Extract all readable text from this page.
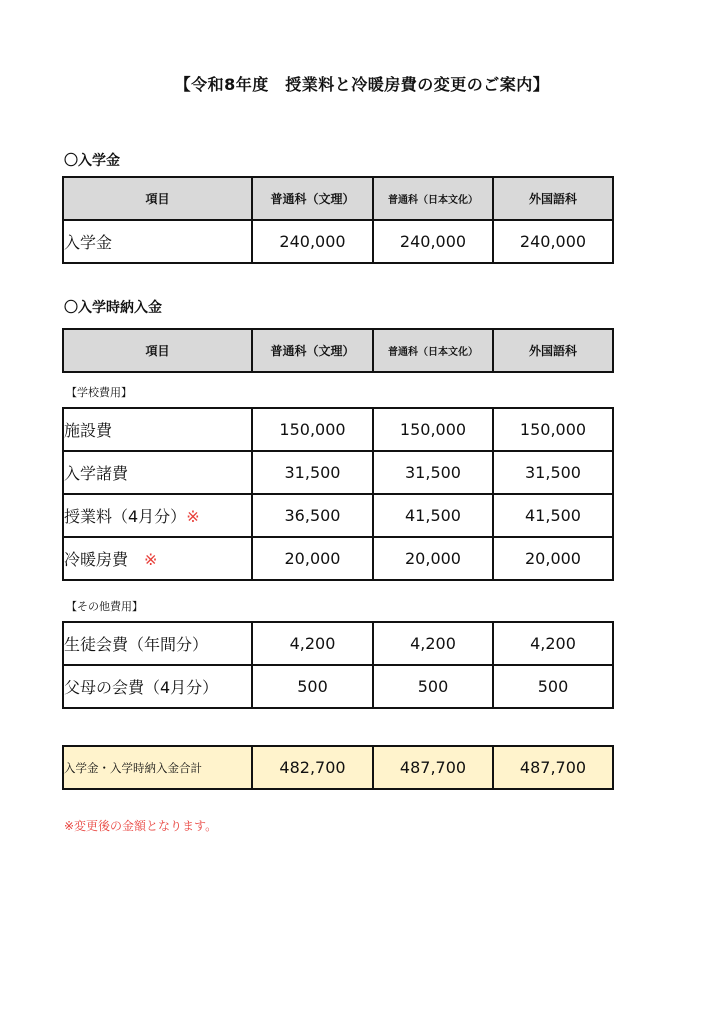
【令和8年度　授業料と冷暖房費の変更のご案内】
〇入学金
項目	普通科（文理）	普通科（日本文化）	外国語科
入学金	240,000	240,000	240,000
〇入学時納入金
項目	普通科（文理）	普通科（日本文化）	外国語科
【学校費用】
施設費	150,000	150,000	150,000
入学諸費	31,500	31,500	31,500
授業料（4月分）※	36,500	41,500	41,500
冷暖房費　※	20,000	20,000	20,000
【その他費用】
生徒会費（年間分）	4,200	4,200	4,200
父母の会費（4月分）	500	500	500
入学金・入学時納入金合計	482,700	487,700	487,700
※変更後の金額となります。
